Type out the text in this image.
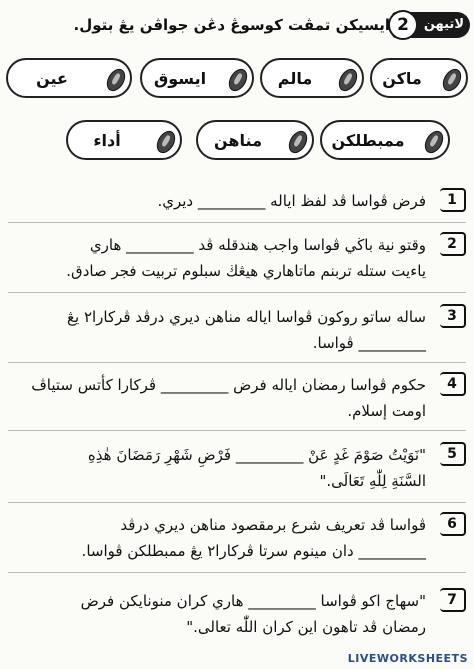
لاتيهن
2
ايسيكن تمڤت كوسوڠ دڠن جواڤن يڠ بتول.
ماكن
مالم
ايسوق
عين
ممبطلكن
مناهن
أداء
1
فرض ڤواسا ڤد لفظ اياله _________ ديري.
2
وقتو نية باڬي ڤواسا واجب هندقله ڤد _________ هاري
ياءيت ستله تربنم ماتاهاري هيڠڬ سبلوم تربيت فجر صادق.
3
ساله ساتو روكون ڤواسا اياله مناهن ديري درڤد ڤركارا٢ يڠ
_________ ڤواسا.
4
حكوم ڤواسا رمضان اياله فرض _________ ڤركارا كأتس ستياڤ
اومت إسلام.
5
"نَوَيْتُ صَوْمَ غَدٍ عَنْ _________ فَرْضِ شَهْرِ رَمَضَانَ هٰذِهِ
السَّنَةِ لِلّٰهِ تَعَالَى."
6
ڤواسا ڤد تعريف شرع برمقصود مناهن ديري درڤد
_________ دان مينوم سرتا ڤركارا٢ يڠ ممبطلكن ڤواسا.
7
"سهاج اكو ڤواسا _________ هاري كران منونايكن فرض
رمضان ڤد تاهون اين كران اللّٰه تعالى."
LIVEWORKSHEETS
